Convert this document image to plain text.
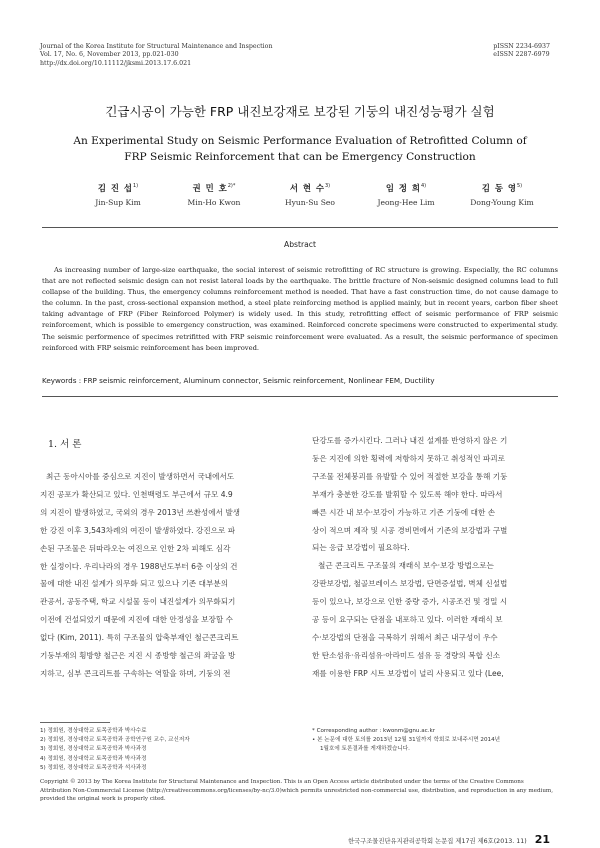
Journal of the Korea Institute for Structural Maintenance and Inspection
Vol. 17, No. 6, November 2013, pp.021-030
http://dx.doi.org/10.11112/jksmi.2013.17.6.021
pISSN 2234-6937
eISSN 2287-6979
긴급시공이 가능한 FRP 내진보강재로 보강된 기둥의 내진성능평가 실험
An Experimental Study on Seismic Performance Evaluation of Retrofitted Column of
FRP Seismic Reinforcement that can be Emergency Construction
김 진 섭$^{1)}$
Jin-Sup Kim
권 민 호$^{2)*}$
Min-Ho Kwon
서 현 수$^{3)}$
Hyun-Su Seo
임 정 희$^{4)}$
Jeong-Hee Lim
김 동 영$^{5)}$
Dong-Young Kim
Abstract
As increasing number of large-size earthquake, the social interest of seismic retrofitting of RC structure is growing. Especially, the RC columns that are not reflected seismic design can not resist lateral loads by the earthquake. The brittle fracture of Non-seismic designed columns lead to full collapse of the building. Thus, the emergency columns reinforcement method is needed. That have a fast construction time, do not cause damage to the column. In the past, cross-sectional expansion method, a steel plate reinforcing method is applied mainly, but in recent years, carbon fiber sheet taking advantage of FRP (Fiber Reinforced Polymer) is widely used. In this study, retrofitting effect of seismic performance of FRP seismic reinforcement, which is possible to emergency construction, was examined. Reinforced concrete specimens were constructed to experimental study. The seismic performence of specimes retrifitted with FRP seismic reinforcement were evaluated. As a result, the seismic performance of specimen reinforced with FRP seismic reinforcement has been improved.
Keywords : FRP seismic reinforcement, Aluminum connector, Seismic reinforcement, Nonlinear FEM, Ductility
1. 서 론
최근 동아시아를 중심으로 지진이 발생하면서 국내에서도
지진 공포가 확산되고 있다. 인천백령도 부근에서 규모 4.9
의 지진이 발생하였고, 국외의 경우 2013년 쓰촨성에서 발생
한 강진 이후 3,543차례의 여진이 발생하였다. 강진으로 파
손된 구조물은 뒤따라오는 여진으로 인한 2차 피해도 심각
한 실정이다. 우리나라의 경우 1988년도부터 6층 이상의 건
물에 대한 내진 설계가 의무화 되고 있으나 기존 대부분의
관공서, 공동주택, 학교 시설물 등이 내진설계가 의무화되기
이전에 건설되었기 때문에 지진에 대한 안정성을 보장할 수
없다 (Kim, 2011). 특히 구조물의 압축부재인 철근콘크리트
기둥부재의 횡방향 철근은 지진 시 종방향 철근의 좌굴을 방
지하고, 심부 콘크리트를 구속하는 역할을 하며, 기둥의 전
단강도를 증가시킨다. 그러나 내진 설계를 반영하지 않은 기
둥은 지진에 의한 횡력에 저항하지 못하고 취성적인 파괴로
구조물 전체붕괴를 유발할 수 있어 적절한 보강을 통해 기둥
부재가 충분한 강도를 발휘할 수 있도록 해야 한다. 따라서
빠른 시간 내 보수·보강이 가능하고 기존 기둥에 대한 손
상이 적으며 제작 및 시공 경비면에서 기존의 보강법과 구별
되는 응급 보강법이 필요하다.
철근 콘크리트 구조물의 재래식 보수·보강 방법으로는
강판보강법, 철골브레이스 보강법, 단면증설법, 벽체 신설법
등이 있으나, 보강으로 인한 중량 증가, 시공조건 및 정밀 시
공 등이 요구되는 단점을 내포하고 있다. 이러한 재래식 보
수·보강법의 단점을 극복하기 위해서 최근 내구성이 우수
한 탄소섬유·유리섬유·아라미드 섬유 등 경량의 복합 신소
재를 이용한 FRP 시트 보강법이 널리 사용되고 있다 (Lee,
1) 정회원, 경상대학교 토목공학과 박사수료
2) 정회원, 경상대학교 토목공학과 공학연구원 교수, 교신저자
3) 정회원, 경상대학교 토목공학과 박사과정
4) 정회원, 경상대학교 토목공학과 박사과정
5) 정회원, 경상대학교 토목공학과 석사과정
* Corresponding author : kwonm@gnu.ac.kr
• 본 논문에 대한 토의를 2013년 12월 31일까지 학회로 보내주시면 2014년
1월호에 토론결과를 게재하겠습니다.
Copyright © 2013 by The Korea Institute for Structural Maintenance and Inspection. This is an Open Access article distributed under the terms of the Creative Commons Attribution Non-Commercial License (http://creativecommons.org/licenses/by-nc/3.0)which permits unrestricted non-commercial use, distribution, and reproduction in any medium, provided the original work is properly cited.
한국구조물진단유지관리공학회 논문집 제17권 제6호(2013. 11) 21
